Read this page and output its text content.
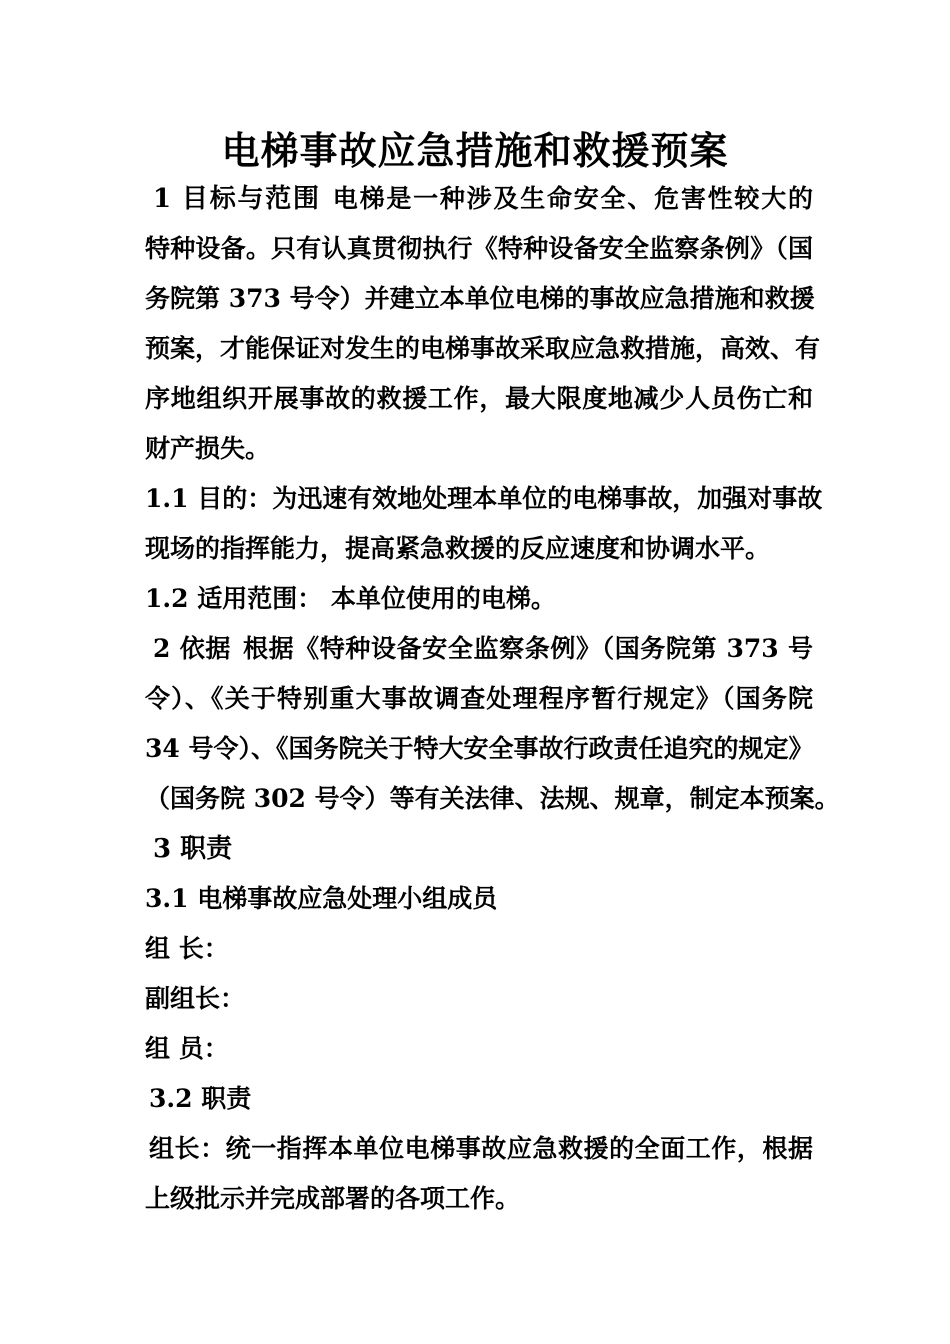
电梯事故应急措施和救援预案
1 目标与范围 电梯是一种涉及生命安全、危害性较大的
特种设备。只有认真贯彻执行《特种设备安全监察条例》（国
务院第 373 号令）并建立本单位电梯的事故应急措施和救援
预案，才能保证对发生的电梯事故采取应急救措施，高效、有
序地组织开展事故的救援工作，最大限度地减少人员伤亡和
财产损失。
1.1 目的：为迅速有效地处理本单位的电梯事故，加强对事故
现场的指挥能力，提高紧急救援的反应速度和协调水平。
1.2 适用范围： 本单位使用的电梯。
2 依据 根据《特种设备安全监察条例》（国务院第 373 号
令）、《关于特别重大事故调查处理程序暂行规定》（国务院
34 号令）、《国务院关于特大安全事故行政责任追究的规定》
（国务院 302 号令）等有关法律、法规、规章，制定本预案。
3 职责
3.1 电梯事故应急处理小组成员
组 长：
副组长：
组 员：
3.2 职责
组长：统一指挥本单位电梯事故应急救援的全面工作，根据
上级批示并完成部署的各项工作。
